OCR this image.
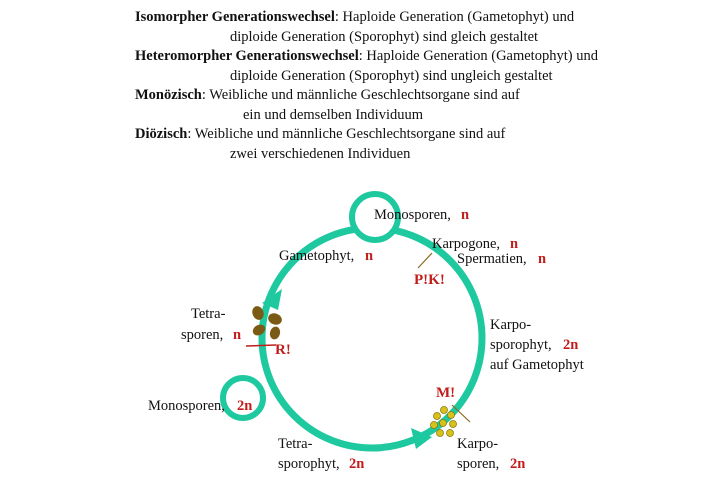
Isomorpher Generationswechsel: Haploide Generation (Gametophyt) und
diploide Generation (Sporophyt) sind gleich gestaltet
Heteromorpher Generationswechsel: Haploide Generation (Gametophyt) und
diploide Generation (Sporophyt) sind ungleich gestaltet
Monözisch: Weibliche und männliche Geschlechtsorgane sind auf
ein und demselben Individuum
Diözisch: Weibliche und männliche Geschlechtsorgane sind auf
zwei verschiedenen Individuen
Monosporen, n
Karpogone, n
Spermatien, n
P!K!
Gametophyt, n
Tetra-
sporen, n
R!
Karpo-
sporophyt, 2n
auf Gametophyt
M!
Monosporen, 2n
Tetra-
sporophyt, 2n
Karpo-
sporen, 2n
